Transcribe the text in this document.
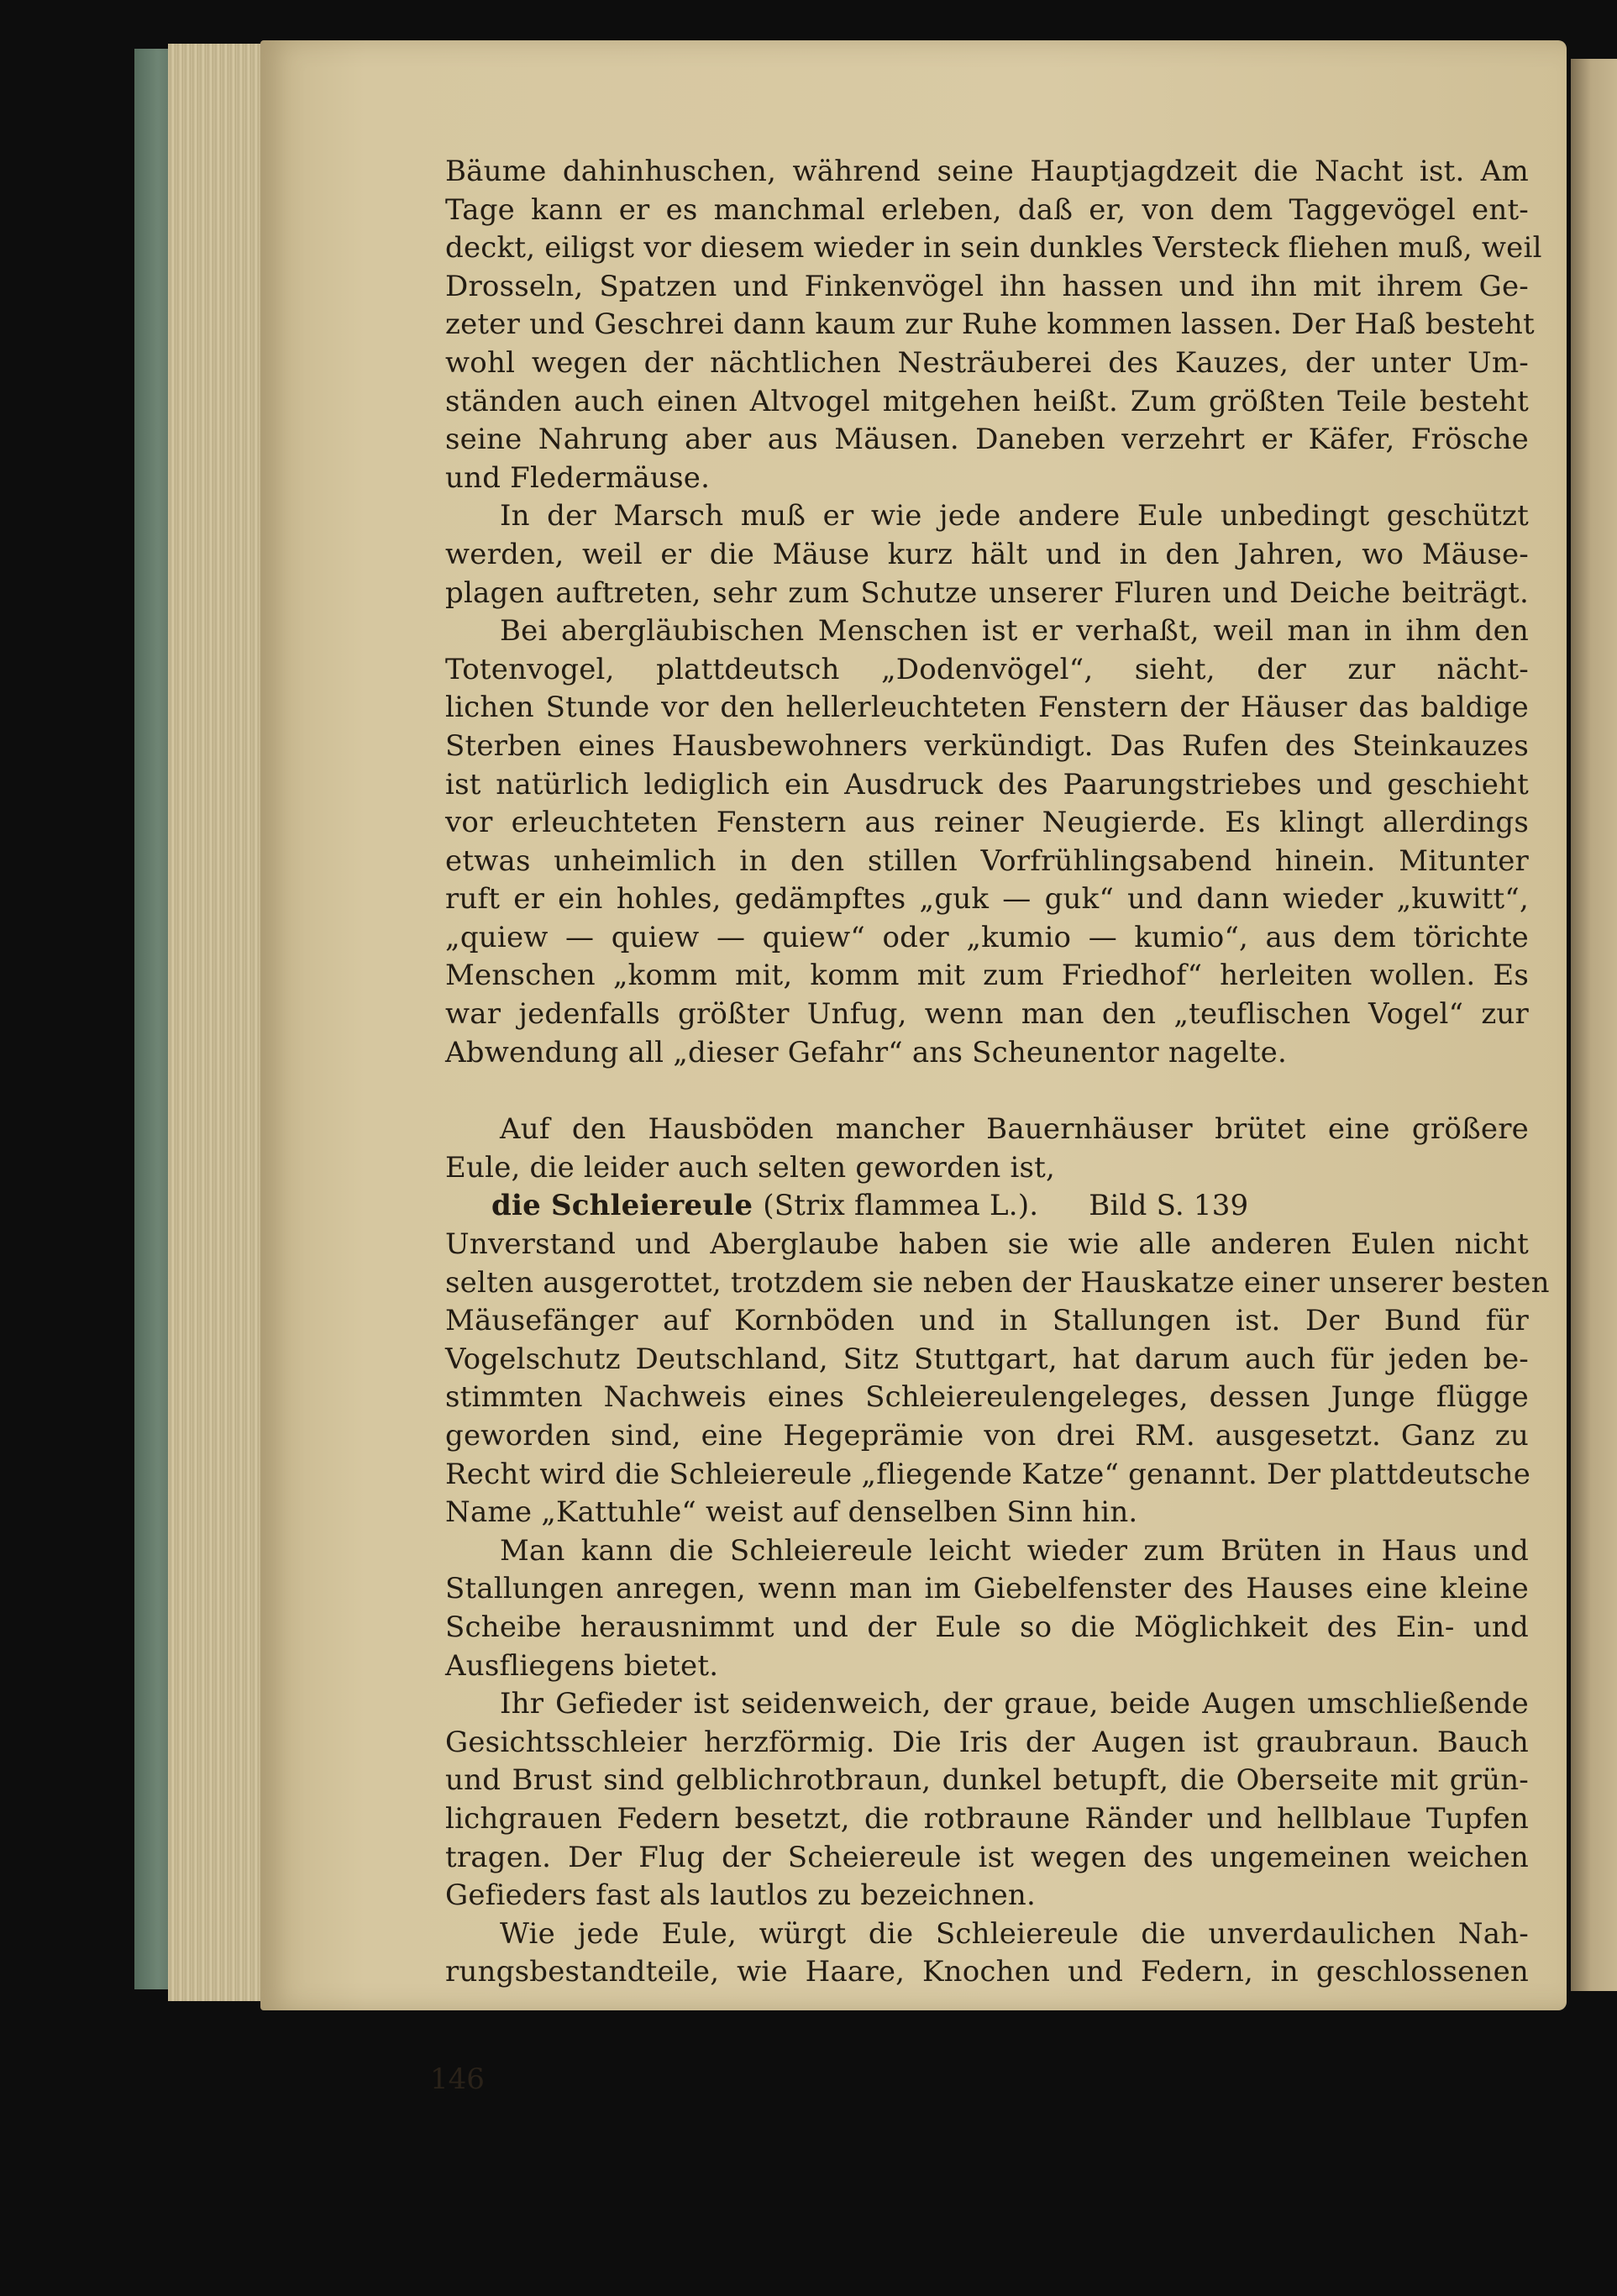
Bäume dahinhuschen, während seine Hauptjagdzeit die Nacht ist. Am
Tage kann er es manchmal erleben, daß er, von dem Taggevögel ent-
deckt, eiligst vor diesem wieder in sein dunkles Versteck fliehen muß, weil
Drosseln, Spatzen und Finkenvögel ihn hassen und ihn mit ihrem Ge-
zeter und Geschrei dann kaum zur Ruhe kommen lassen. Der Haß besteht
wohl wegen der nächtlichen Nesträuberei des Kauzes, der unter Um-
ständen auch einen Altvogel mitgehen heißt. Zum größten Teile besteht
seine Nahrung aber aus Mäusen. Daneben verzehrt er Käfer, Frösche
und Fledermäuse.
In der Marsch muß er wie jede andere Eule unbedingt geschützt
werden, weil er die Mäuse kurz hält und in den Jahren, wo Mäuse-
plagen auftreten, sehr zum Schutze unserer Fluren und Deiche beiträgt.
Bei abergläubischen Menschen ist er verhaßt, weil man in ihm den
Totenvogel, plattdeutsch „Dodenvögel“, sieht, der zur nächt-
lichen Stunde vor den hellerleuchteten Fenstern der Häuser das baldige
Sterben eines Hausbewohners verkündigt. Das Rufen des Steinkauzes
ist natürlich lediglich ein Ausdruck des Paarungstriebes und geschieht
vor erleuchteten Fenstern aus reiner Neugierde. Es klingt allerdings
etwas unheimlich in den stillen Vorfrühlingsabend hinein. Mitunter
ruft er ein hohles, gedämpftes „guk — guk“ und dann wieder „kuwitt“,
„quiew — quiew — quiew“ oder „kumio — kumio“, aus dem törichte
Menschen „komm mit, komm mit zum Friedhof“ herleiten wollen. Es
war jedenfalls größter Unfug, wenn man den „teuflischen Vogel“ zur
Abwendung all „dieser Gefahr“ ans Scheunentor nagelte.
Auf den Hausböden mancher Bauernhäuser brütet eine größere
Eule, die leider auch selten geworden ist,
die Schleiereule (Strix flammea L.). Bild S. 139
Unverstand und Aberglaube haben sie wie alle anderen Eulen nicht
selten ausgerottet, trotzdem sie neben der Hauskatze einer unserer besten
Mäusefänger auf Kornböden und in Stallungen ist. Der Bund für
Vogelschutz Deutschland, Sitz Stuttgart, hat darum auch für jeden be-
stimmten Nachweis eines Schleiereulengeleges, dessen Junge flügge
geworden sind, eine Hegeprämie von drei RM. ausgesetzt. Ganz zu
Recht wird die Schleiereule „fliegende Katze“ genannt. Der plattdeutsche
Name „Kattuhle“ weist auf denselben Sinn hin.
Man kann die Schleiereule leicht wieder zum Brüten in Haus und
Stallungen anregen, wenn man im Giebelfenster des Hauses eine kleine
Scheibe herausnimmt und der Eule so die Möglichkeit des Ein- und
Ausfliegens bietet.
Ihr Gefieder ist seidenweich, der graue, beide Augen umschließende
Gesichtsschleier herzförmig. Die Iris der Augen ist graubraun. Bauch
und Brust sind gelblichrotbraun, dunkel betupft, die Oberseite mit grün-
lichgrauen Federn besetzt, die rotbraune Ränder und hellblaue Tupfen
tragen. Der Flug der Scheiereule ist wegen des ungemeinen weichen
Gefieders fast als lautlos zu bezeichnen.
Wie jede Eule, würgt die Schleiereule die unverdaulichen Nah-
rungsbestandteile, wie Haare, Knochen und Federn, in geschlossenen
146
